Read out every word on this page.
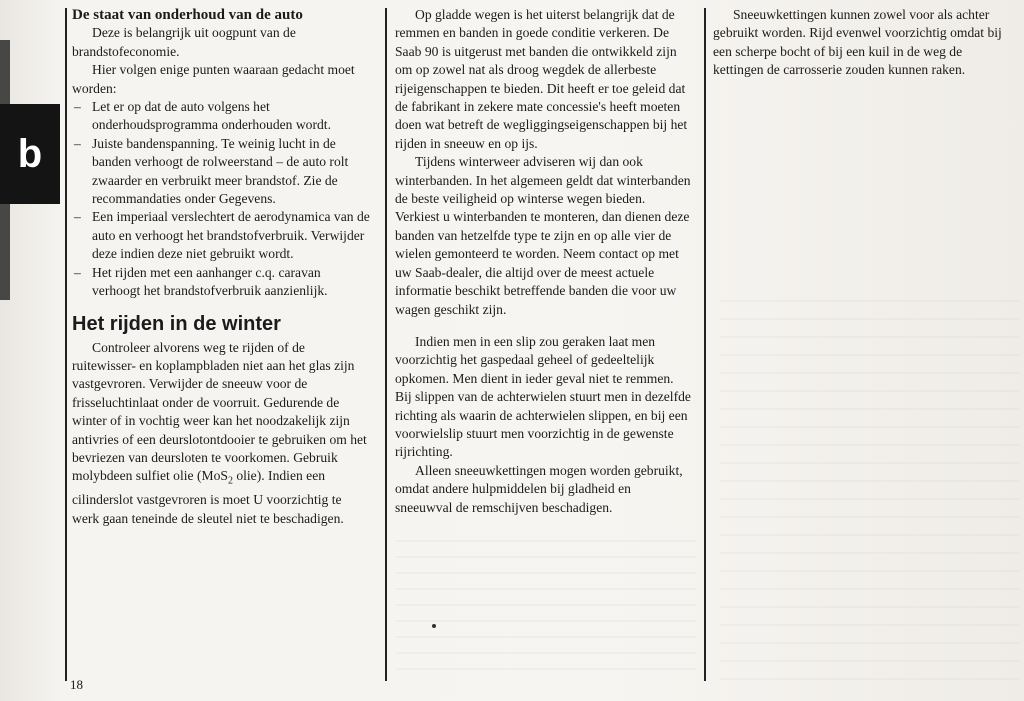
b

De staat van onderhoud van de auto

Deze is belangrijk uit oogpunt van de brandstofeconomie.

Hier volgen enige punten waaraan gedacht moet worden:

– Let er op dat de auto volgens het onderhoudsprogramma onderhouden wordt.
– Juiste bandenspanning. Te weinig lucht in de banden verhoogt de rolweerstand – de auto rolt zwaarder en verbruikt meer brandstof. Zie de recommandaties onder Gegevens.
– Een imperiaal verslechtert de aerodynamica van de auto en verhoogt het brandstofverbruik. Verwijder deze indien deze niet gebruikt wordt.
– Het rijden met een aanhanger c.q. caravan verhoogt het brandstofverbruik aanzienlijk.
Het rijden in de winter

Controleer alvorens weg te rijden of de ruitewisser- en koplampbladen niet aan het glas zijn vastgevroren. Verwijder de sneeuw voor de frisseluchtinlaat onder de voorruit. Gedurende de winter of in vochtig weer kan het noodzakelijk zijn antivries of een deurslotontdooier te gebruiken om het bevriezen van deursloten te voorkomen. Gebruik molybdeen sulfiet olie (MoS$_2$ olie). Indien een cilinderslot vastgevroren is moet U voorzichtig te werk gaan teneinde de sleutel niet te beschadigen.

Op gladde wegen is het uiterst belangrijk dat de remmen en banden in goede conditie verkeren. De Saab 90 is uitgerust met banden die ontwikkeld zijn om op zowel nat als droog wegdek de allerbeste rijeigenschappen te bieden. Dit heeft er toe geleid dat de fabrikant in zekere mate concessie's heeft moeten doen wat betreft de wegliggingseigenschappen bij het rijden in sneeuw en op ijs.

Tijdens winterweer adviseren wij dan ook winterbanden. In het algemeen geldt dat winterbanden de beste veiligheid op winterse wegen bieden. Verkiest u winterbanden te monteren, dan dienen deze banden van hetzelfde type te zijn en op alle vier de wielen gemonteerd te worden. Neem contact op met uw Saab-dealer, die altijd over de meest actuele informatie beschikt betreffende banden die voor uw wagen geschikt zijn.

Indien men in een slip zou geraken laat men voorzichtig het gaspedaal geheel of gedeeltelijk opkomen. Men dient in ieder geval niet te remmen. Bij slippen van de achterwielen stuurt men in dezelfde richting als waarin de achterwielen slippen, en bij een voorwielslip stuurt men voorzichtig in de gewenste rijrichting.

Alleen sneeuwkettingen mogen worden gebruikt, omdat andere hulpmiddelen bij gladheid en sneeuwval de remschijven beschadigen.

Sneeuwkettingen kunnen zowel voor als achter gebruikt worden. Rijd evenwel voorzichtig omdat bij een scherpe bocht of bij een kuil in de weg de kettingen de carrosserie zouden kunnen raken.

18
